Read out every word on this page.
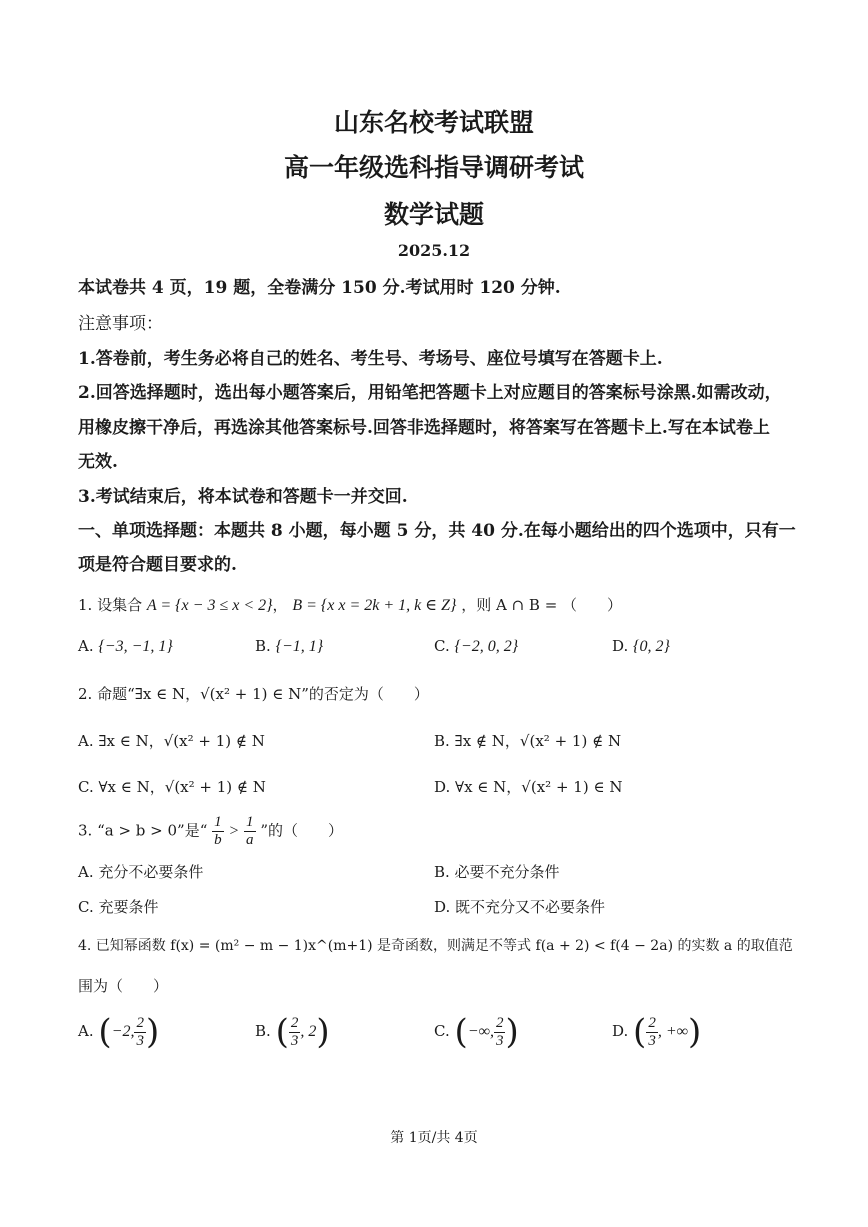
山东名校考试联盟
高一年级选科指导调研考试
数学试题
2025.12
本试卷共 4 页，19 题，全卷满分 150 分.考试用时 120 分钟.
注意事项：
1.答卷前，考生务必将自己的姓名、考生号、考场号、座位号填写在答题卡上.
2.回答选择题时，选出每小题答案后，用铅笔把答题卡上对应题目的答案标号涂黑.如需改动，
用橡皮擦干净后，再选涂其他答案标号.回答非选择题时，将答案写在答题卡上.写在本试卷上
无效.
3.考试结束后，将本试卷和答题卡一并交回.
一、单项选择题：本题共 8 小题，每小题 5 分，共 40 分.在每小题给出的四个选项中，只有一
项是符合题目要求的.
1. 设集合 A = {x − 3 ≤ x < 2}， B = {x x = 2k + 1, k ∈ Z} ，则 A ∩ B = （　　）
A. {−3, −1, 1}	B. {−1, 1}	C. {−2, 0, 2}	D. {0, 2}
2. 命题“∃x ∈ N，√(x² + 1) ∈ N”的否定为（　　）
A. ∃x ∈ N，√(x² + 1) ∉ N	B. ∃x ∉ N，√(x² + 1) ∉ N
C. ∀x ∈ N，√(x² + 1) ∉ N	D. ∀x ∈ N，√(x² + 1) ∈ N
3. “a > b > 0”是“ $\frac{1}{b} > \frac{1}{a}$ ”的（　　）
A. 充分不必要条件	B. 必要不充分条件
C. 充要条件	D. 既不充分又不必要条件
4. 已知幂函数 f(x) = (m² − m − 1)x^(m+1) 是奇函数，则满足不等式 f(a + 2) < f(4 − 2a) 的实数 a 的取值范
围为（　　）
A. (−2, $\frac{2}{3}$ )	B. ( $\frac{2}{3}$ , 2)	C. (−∞, $\frac{2}{3}$ )	D. ( $\frac{2}{3}$ , +∞)
第 1页/共 4页
